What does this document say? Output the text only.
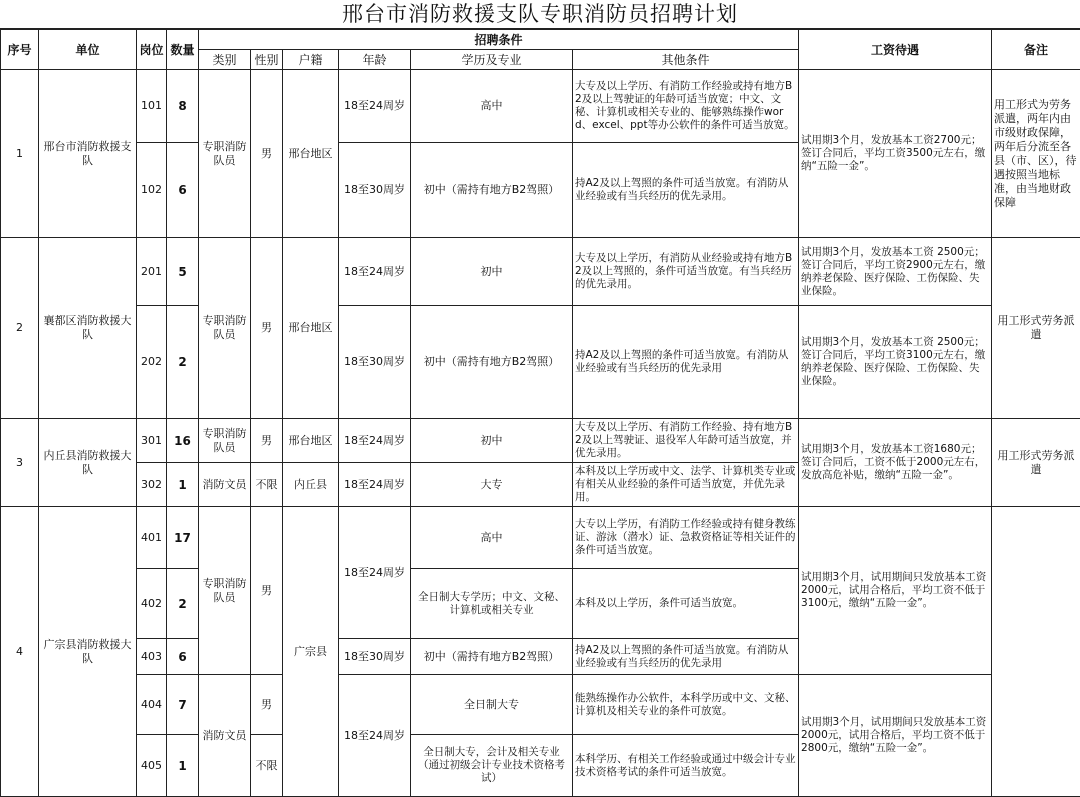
邢台市消防救援支队专职消防员招聘计划
序号	单位	岗位	数量	招聘条件						工资待遇	备注
				类别	性别	户籍	年龄	学历及专业	其他条件		
1	邢台市消防救援支队	101	8	专职消防队员	男	邢台地区	18至24周岁	高中	大专及以上学历、有消防工作经验或持有地方B2及以上驾驶证的年龄可适当放宽；中文、文秘、计算机或相关专业的、能够熟练操作word、excel、ppt等办公软件的条件可适当放宽。	试用期3个月，发放基本工资2700元；签订合同后，平均工资3500元左右，缴纳“五险一金”。	用工形式为劳务派遣，两年内由市级财政保障，两年后分流至各县（市、区），待遇按照当地标准，由当地财政保障
		102	6				18至30周岁	初中（需持有地方B2驾照）	持A2及以上驾照的条件可适当放宽。有消防从业经验或有当兵经历的优先录用。		
2	襄都区消防救援大队	201	5	专职消防队员	男	邢台地区	18至24周岁	初中	大专及以上学历，有消防从业经验或持有地方B2及以上驾照的，条件可适当放宽。有当兵经历的优先录用。	试用期3个月，发放基本工资 2500元；签订合同后，平均工资2900元左右，缴纳养老保险、医疗保险、工伤保险、失业保险。	用工形式劳务派遣
		202	2				18至30周岁	初中（需持有地方B2驾照）	持A2及以上驾照的条件可适当放宽。有消防从业经验或有当兵经历的优先录用	试用期3个月，发放基本工资 2500元；签订合同后，平均工资3100元左右，缴纳养老保险、医疗保险、工伤保险、失业保险。	
3	内丘县消防救援大队	301	16	专职消防队员	男	邢台地区	18至24周岁	初中	大专及以上学历、有消防工作经验、持有地方B2及以上驾驶证、退役军人年龄可适当放宽，并优先录用。	试用期3个月，发放基本工资1680元；签订合同后，工资不低于2000元左右，发放高危补贴，缴纳“五险一金”。	用工形式劳务派遣
		302	1	消防文员	不限	内丘县	18至24周岁	大专	本科及以上学历或中文、法学、计算机类专业或有相关从业经验的条件可适当放宽，并优先录用。		
4	广宗县消防救援大队	401	17	专职消防队员	男	广宗县	18至24周岁	高中	大专以上学历，有消防工作经验或持有健身教练证、游泳（潜水）证、急救资格证等相关证件的条件可适当放宽。	试用期3个月，试用期间只发放基本工资2000元，试用合格后，平均工资不低于3100元，缴纳“五险一金”。	
		402	2					全日制大专学历；中文、文秘、计算机或相关专业	本科及以上学历，条件可适当放宽。		
		403	6				18至30周岁	初中（需持有地方B2驾照）	持A2及以上驾照的条件可适当放宽。有消防从业经验或有当兵经历的优先录用		
		404	7	消防文员	男		18至24周岁	全日制大专	能熟练操作办公软件，本科学历或中文、文秘、计算机及相关专业的条件可放宽。	试用期3个月，试用期间只发放基本工资2000元，试用合格后，平均工资不低于2800元，缴纳“五险一金”。	
		405	1		不限			全日制大专，会计及相关专业（通过初级会计专业技术资格考试）	本科学历、有相关工作经验或通过中级会计专业技术资格考试的条件可适当放宽。		
